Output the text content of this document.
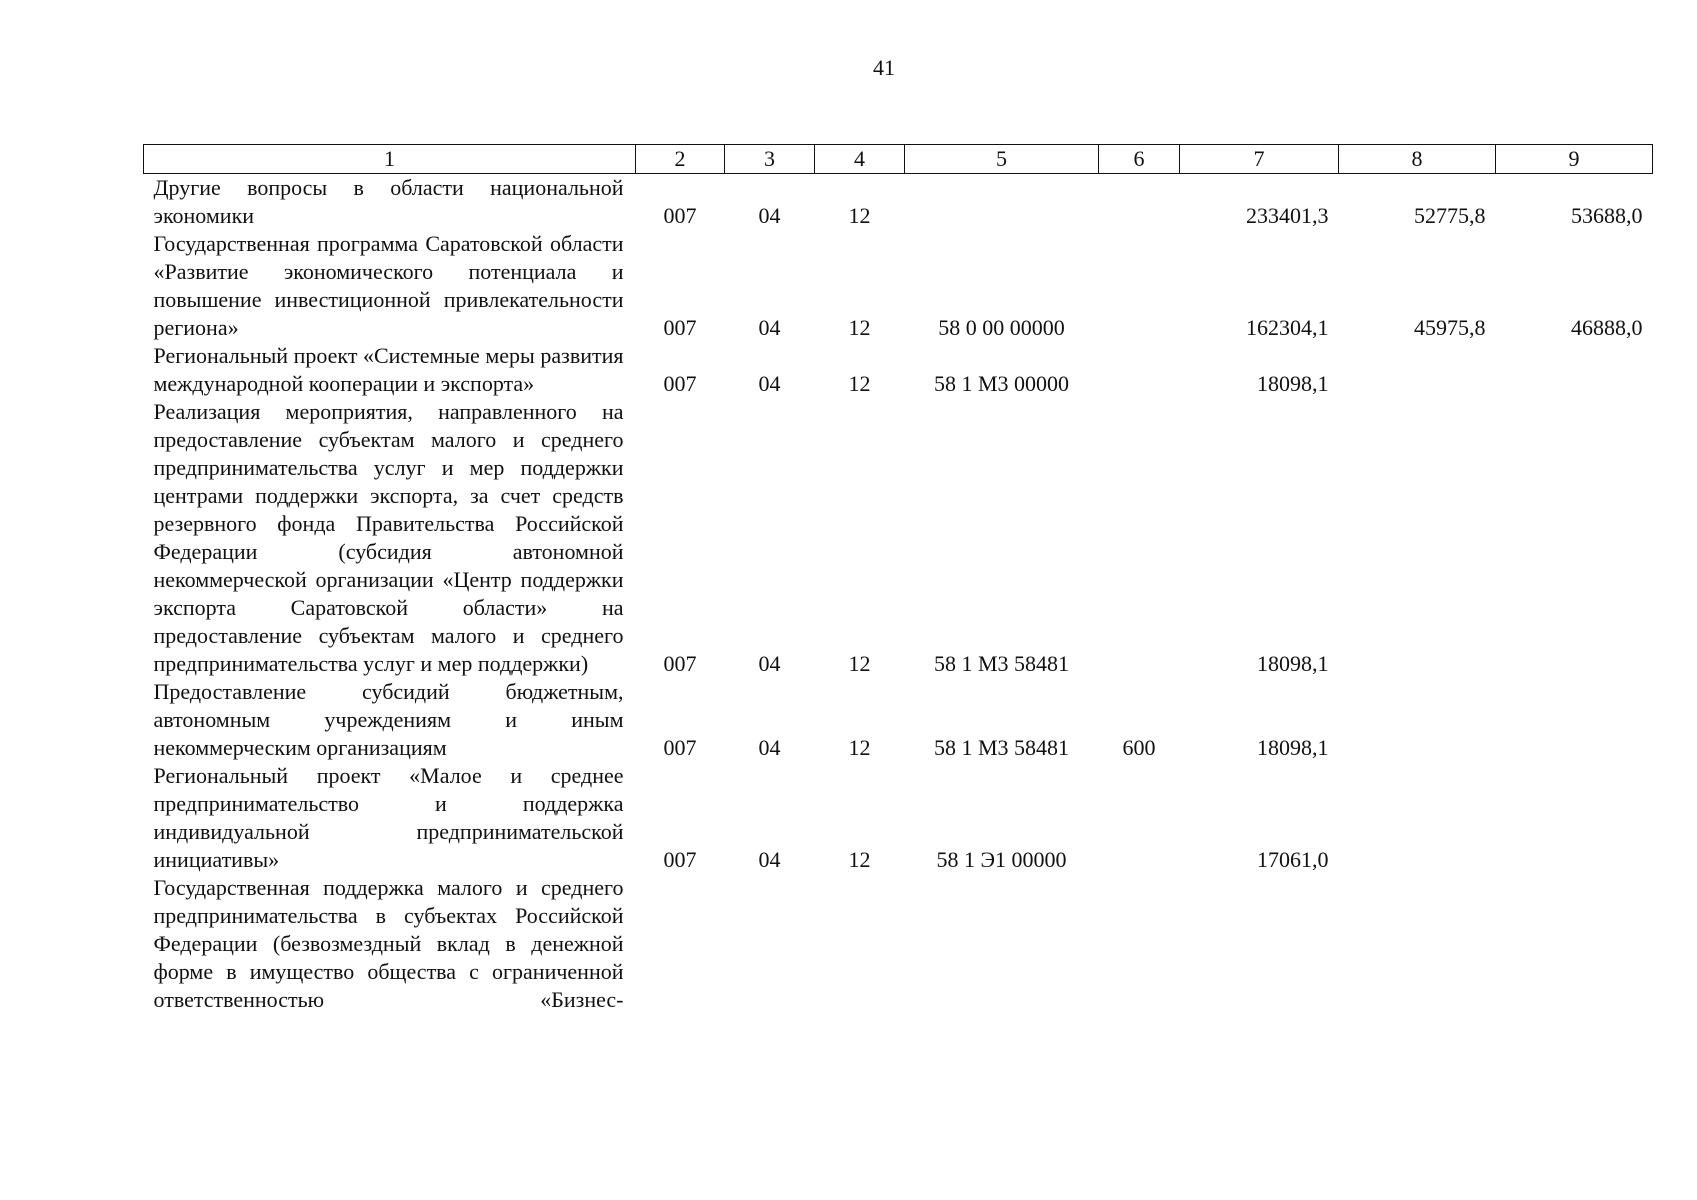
41
1	2	3	4	5	6	7	8	9
Другие вопросы в области национальной экономики	007	04	12			233401,3	52775,8	53688,0
Государственная программа Саратовской области «Развитие экономического потенциала и повышение инвестиционной привлекательности региона»	007	04	12	58 0 00 00000		162304,1	45975,8	46888,0
Региональный проект «Системные меры развития международной кооперации и экспорта»	007	04	12	58 1 M3 00000		18098,1		
Реализация мероприятия, направленного на предоставление субъектам малого и среднего предпринимательства услуг и мер поддержки центрами поддержки экспорта, за счет средств резервного фонда Правительства Российской Федерации (субсидия автономной некоммерческой организации «Центр поддержки экспорта Саратовской области» на предоставление субъектам малого и среднего предпринимательства услуг и мер поддержки)	007	04	12	58 1 M3 58481		18098,1		
Предоставление субсидий бюджетным, автономным учреждениям и иным некоммерческим организациям	007	04	12	58 1 M3 58481	600	18098,1		
Региональный проект «Малое и среднее предпринимательство и поддержка индивидуальной предпринимательской инициативы»	007	04	12	58 1 Э1 00000		17061,0		
Государственная поддержка малого и среднего предпринимательства в субъектах Российской Федерации (безвозмездный вклад в денежной форме в имущество общества с ограниченной ответственностью «Бизнес-								
